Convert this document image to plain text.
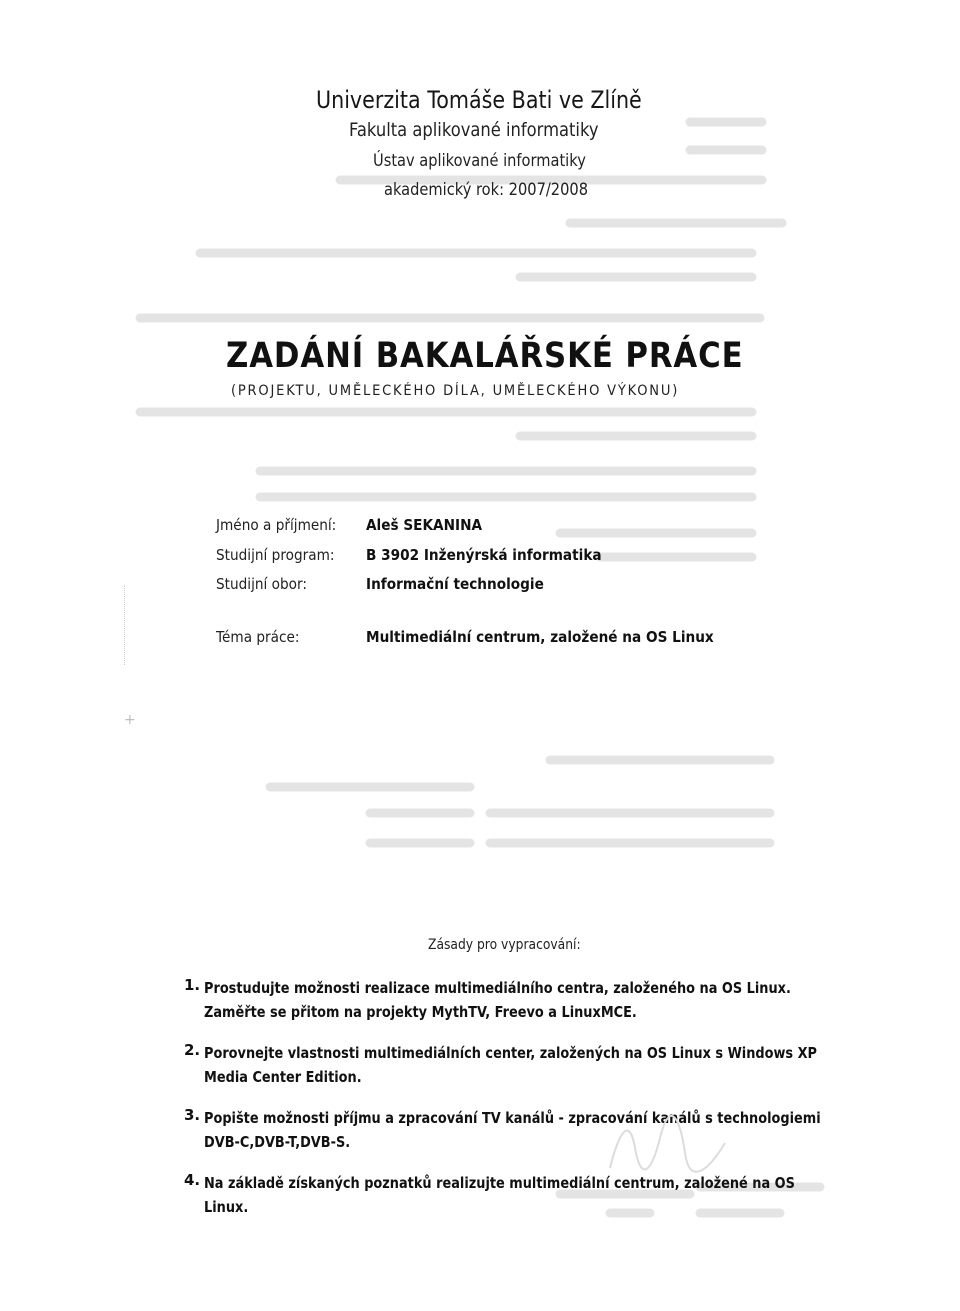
+
Univerzita Tomáše Bati ve Zlíně
Fakulta aplikované informatiky
Ústav aplikované informatiky
akademický rok: 2007/2008
ZADÁNÍ BAKALÁŘSKÉ PRÁCE
(PROJEKTU, UMĚLECKÉHO DÍLA, UMĚLECKÉHO VÝKONU)
Jméno a příjmení: Aleš SEKANINA
Studijní program: B 3902 Inženýrská informatika
Studijní obor:	Informační technologie
Téma práce:	Multimediální centrum, založené na OS Linux
Zásady pro vypracování:
1. Prostudujte možnosti realizace multimediálního centra, založeného na OS Linux. Zaměřte se přitom na projekty MythTV, Freevo a LinuxMCE.
2. Porovnejte vlastnosti multimediálních center, založených na OS Linux s Windows XP Media Center Edition.
3. Popište možnosti příjmu a zpracování TV kanálů - zpracování kanálů s technologiemi DVB-C,DVB-T,DVB-S.
4. Na základě získaných poznatků realizujte multimediální centrum, založené na OS Linux.
